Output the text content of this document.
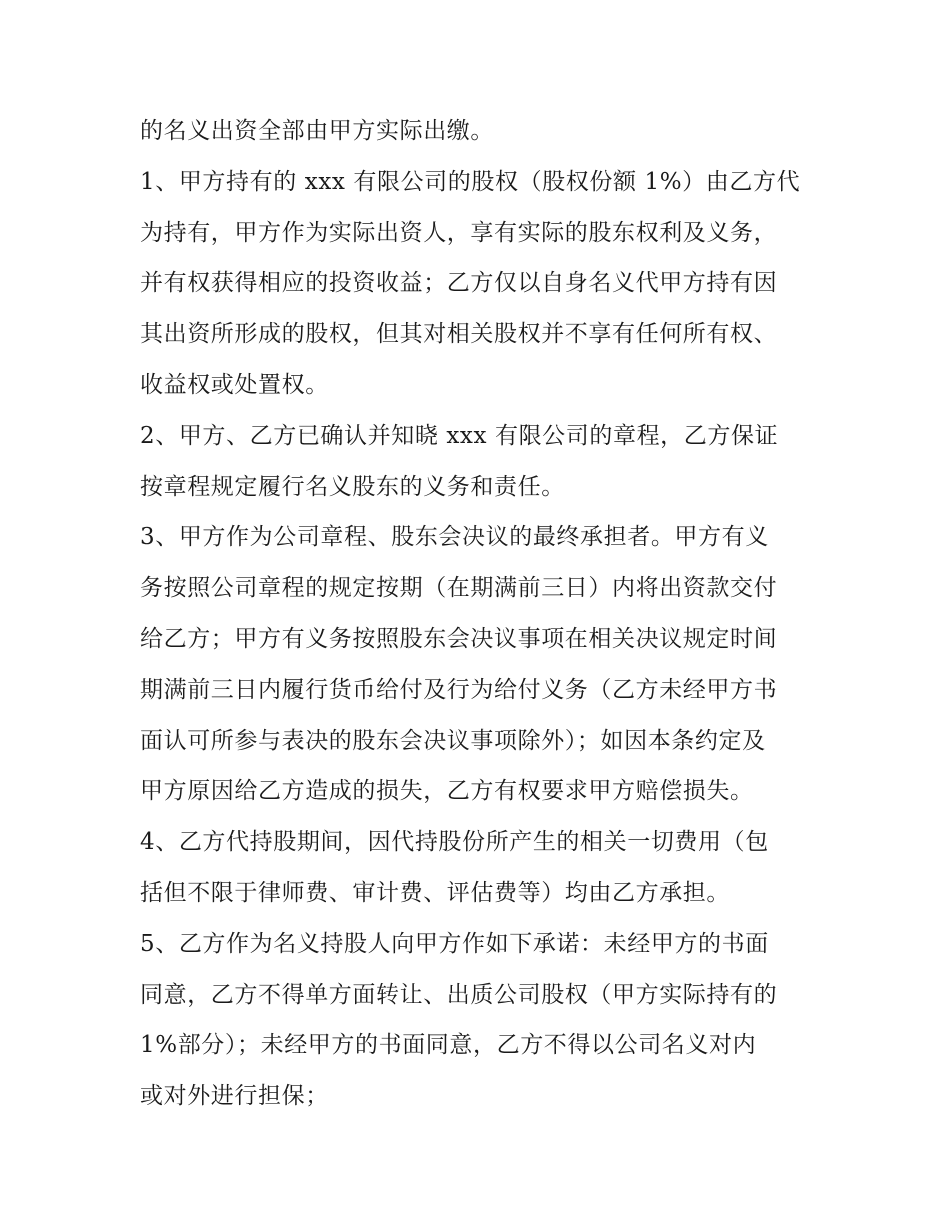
的名义出资全部由甲方实际出缴。
1、甲方持有的 xxx 有限公司的股权（股权份额 1%）由乙方代
为持有，甲方作为实际出资人，享有实际的股东权利及义务，
并有权获得相应的投资收益；乙方仅以自身名义代甲方持有因
其出资所形成的股权，但其对相关股权并不享有任何所有权、
收益权或处置权。
2、甲方、乙方已确认并知晓 xxx 有限公司的章程，乙方保证
按章程规定履行名义股东的义务和责任。
3、甲方作为公司章程、股东会决议的最终承担者。甲方有义
务按照公司章程的规定按期（在期满前三日）内将出资款交付
给乙方；甲方有义务按照股东会决议事项在相关决议规定时间
期满前三日内履行货币给付及行为给付义务（乙方未经甲方书
面认可所参与表决的股东会决议事项除外）；如因本条约定及
甲方原因给乙方造成的损失，乙方有权要求甲方赔偿损失。
4、乙方代持股期间，因代持股份所产生的相关一切费用（包
括但不限于律师费、审计费、评估费等）均由乙方承担。
5、乙方作为名义持股人向甲方作如下承诺：未经甲方的书面
同意，乙方不得单方面转让、出质公司股权（甲方实际持有的
1%部分）；未经甲方的书面同意，乙方不得以公司名义对内
或对外进行担保；
